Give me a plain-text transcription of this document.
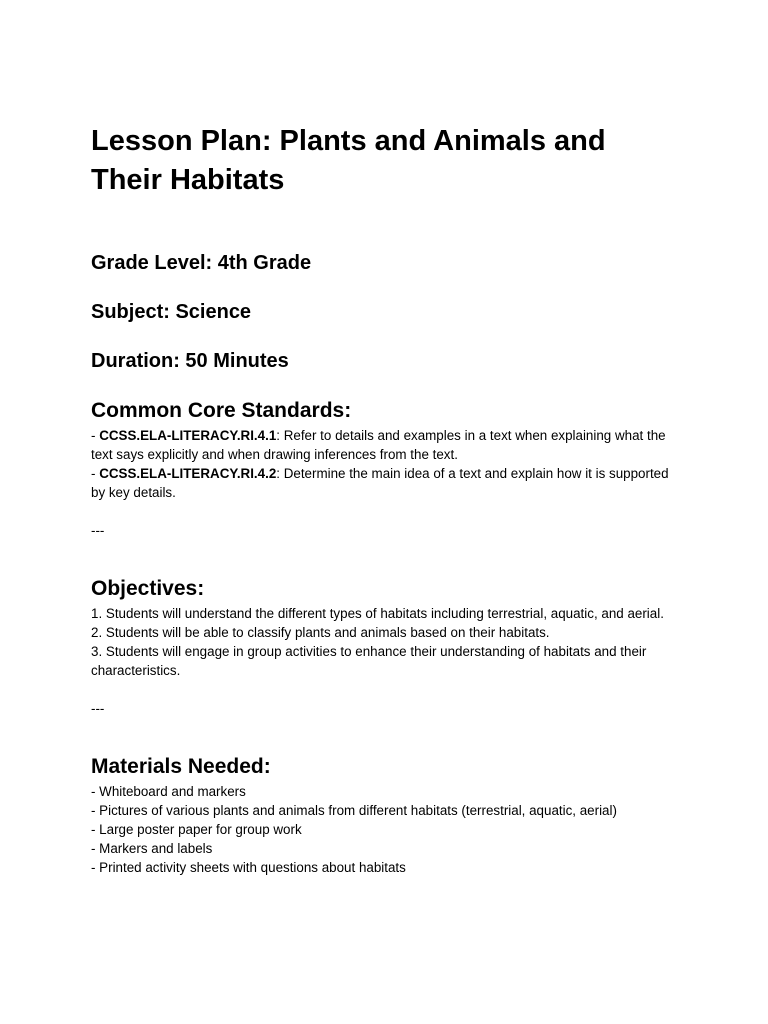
Lesson Plan: Plants and Animals and Their Habitats
Grade Level: 4th Grade
Subject: Science
Duration: 50 Minutes
Common Core Standards:
- CCSS.ELA-LITERACY.RI.4.1: Refer to details and examples in a text when explaining what the text says explicitly and when drawing inferences from the text.
- CCSS.ELA-LITERACY.RI.4.2: Determine the main idea of a text and explain how it is supported by key details.
---
Objectives:
1. Students will understand the different types of habitats including terrestrial, aquatic, and aerial.
2. Students will be able to classify plants and animals based on their habitats.
3. Students will engage in group activities to enhance their understanding of habitats and their characteristics.
---
Materials Needed:
- Whiteboard and markers
- Pictures of various plants and animals from different habitats (terrestrial, aquatic, aerial)
- Large poster paper for group work
- Markers and labels
- Printed activity sheets with questions about habitats
